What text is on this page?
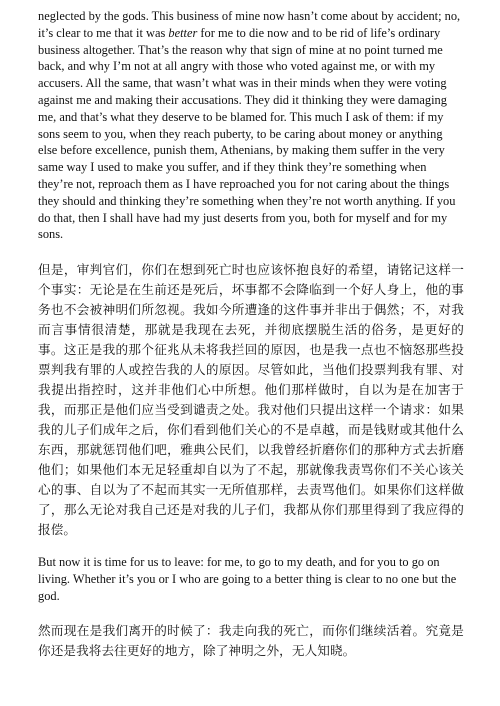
neglected by the gods. This business of mine now hasn’t come about by accident; no, it’s clear to me that it was better for me to die now and to be rid of life’s ordinary business altogether. That’s the reason why that sign of mine at no point turned me back, and why I’m not at all angry with those who voted against me, or with my accusers. All the same, that wasn’t what was in their minds when they were voting against me and making their accusations. They did it thinking they were damaging me, and that’s what they deserve to be blamed for. This much I ask of them: if my sons seem to you, when they reach puberty, to be caring about money or anything else before excellence, punish them, Athenians, by making them suffer in the very same way I used to make you suffer, and if they think they’re something when they’re not, reproach them as I have reproached you for not caring about the things they should and thinking they’re something when they’re not worth anything. If you do that, then I shall have had my just deserts from you, both for myself and for my sons.

但是，审判官们，你们在想到死亡时也应该怀抱良好的希望，请铭记这样一个事实：无论是在生前还是死后，坏事都不会降临到一个好人身上，他的事务也不会被神明们所忽视。我如今所遭逢的这件事并非出于偶然；不，对我而言事情很清楚，那就是我现在去死，并彻底摆脱生活的俗务，是更好的事。这正是我的那个征兆从未将我拦回的原因，也是我一点也不恼怒那些投票判我有罪的人或控告我的人的原因。尽管如此，当他们投票判我有罪、对我提出指控时，这并非他们心中所想。他们那样做时，自以为是在加害于我，而那正是他们应当受到谴责之处。我对他们只提出这样一个请求：如果我的儿子们成年之后，你们看到他们关心的不是卓越，而是钱财或其他什么东西，那就惩罚他们吧，雅典公民们，以我曾经折磨你们的那种方式去折磨他们；如果他们本无足轻重却自以为了不起，那就像我责骂你们不关心该关心的事、自以为了不起而其实一无所值那样，去责骂他们。如果你们这样做了，那么无论对我自己还是对我的儿子们，我都从你们那里得到了我应得的报偿。

But now it is time for us to leave: for me, to go to my death, and for you to go on living. Whether it’s you or I who are going to a better thing is clear to no one but the god.

然而现在是我们离开的时候了：我走向我的死亡，而你们继续活着。究竟是你还是我将去往更好的地方，除了神明之外，无人知晓。
